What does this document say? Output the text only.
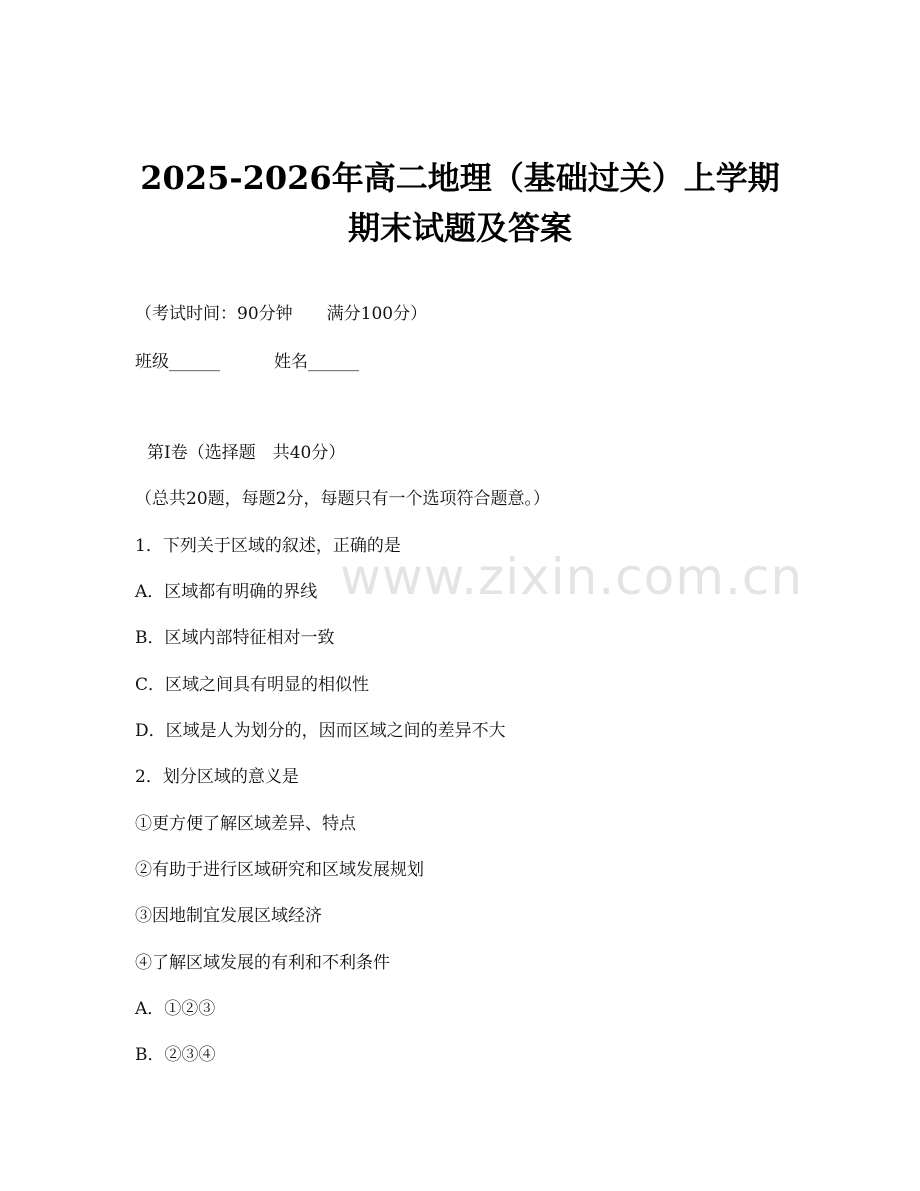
2025-2026年高二地理（基础过关）上学期
期末试题及答案
（考试时间：90分钟　　满分100分）
班级______	姓名______
第Ⅰ卷（选择题　共40分）
（总共20题，每题2分，每题只有一个选项符合题意。）
1．下列关于区域的叙述，正确的是
A．区域都有明确的界线
B．区域内部特征相对一致
C．区域之间具有明显的相似性
D．区域是人为划分的，因而区域之间的差异不大
2．划分区域的意义是
①更方便了解区域差异、特点
②有助于进行区域研究和区域发展规划
③因地制宜发展区域经济
④了解区域发展的有利和不利条件
A．①②③
B．②③④
www.zixin.com.cn
